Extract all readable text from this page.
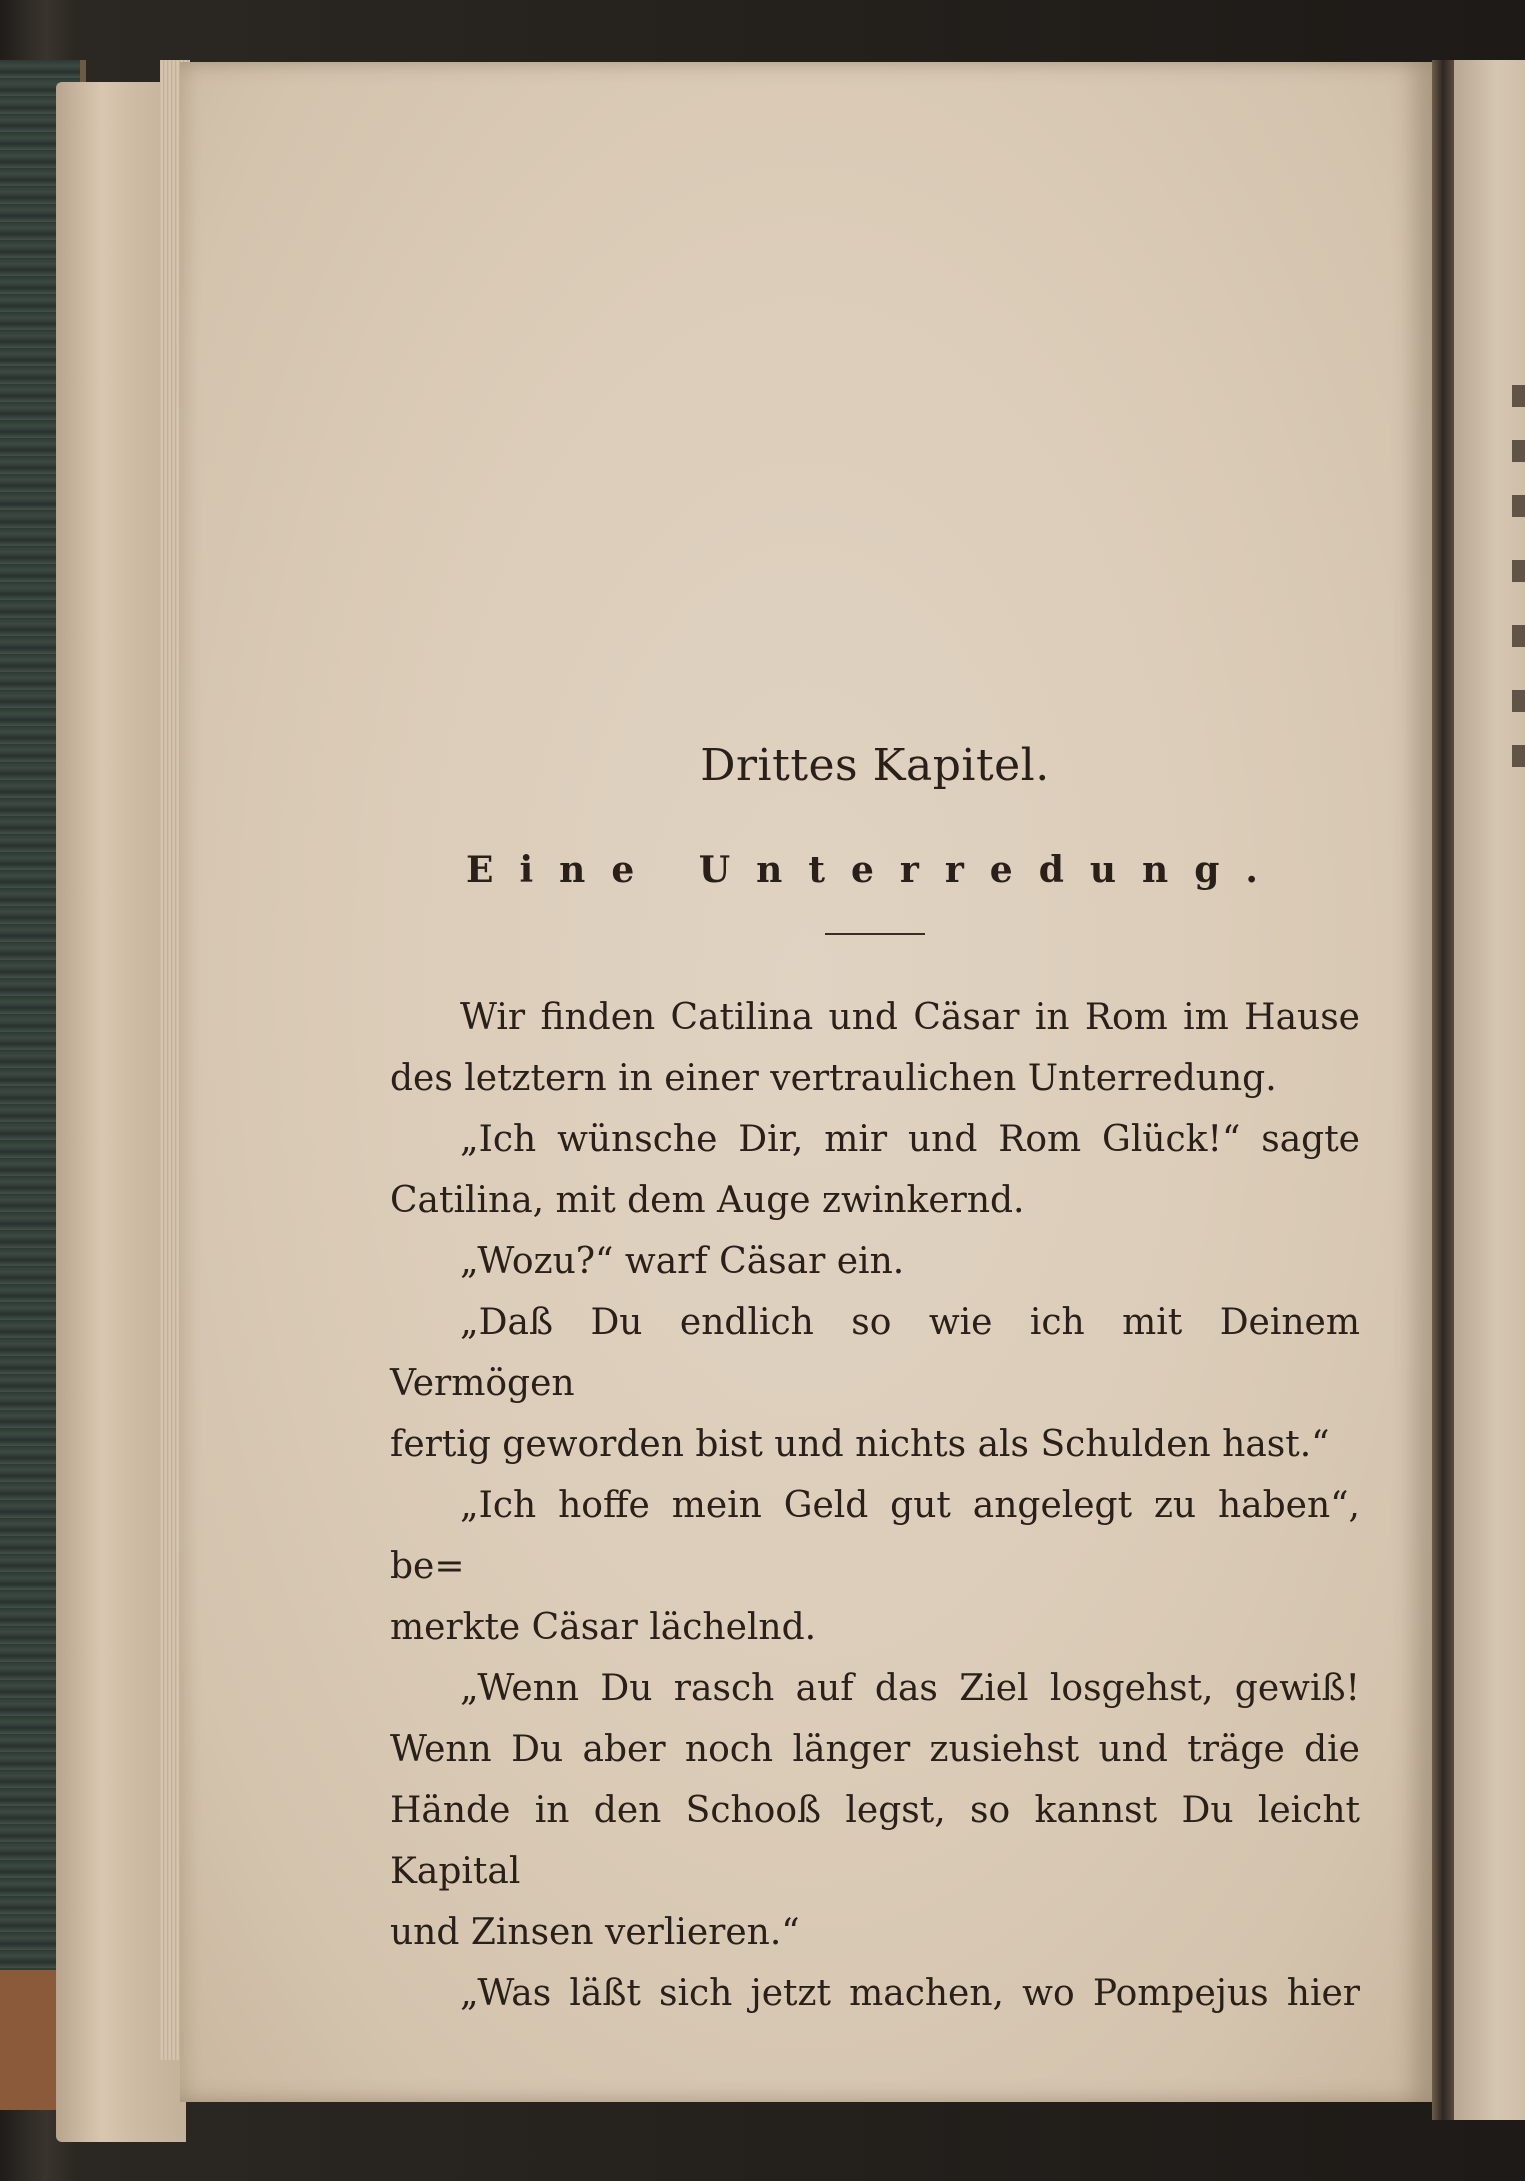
Drittes Kapitel.
Eine Unterredung.

Wir finden Catilina und Cäsar in Rom im Hause

des letztern in einer vertraulichen Unterredung.

„Ich wünsche Dir, mir und Rom Glück!“ sagte

Catilina, mit dem Auge zwinkernd.

„Wozu?“ warf Cäsar ein.

„Daß Du endlich so wie ich mit Deinem Vermögen

fertig geworden bist und nichts als Schulden hast.“

„Ich hoffe mein Geld gut angelegt zu haben“, be=

merkte Cäsar lächelnd.

„Wenn Du rasch auf das Ziel losgehst, gewiß!

Wenn Du aber noch länger zusiehst und träge die

Hände in den Schooß legst, so kannst Du leicht Kapital

und Zinsen verlieren.“

„Was läßt sich jetzt machen, wo Pompejus hier
